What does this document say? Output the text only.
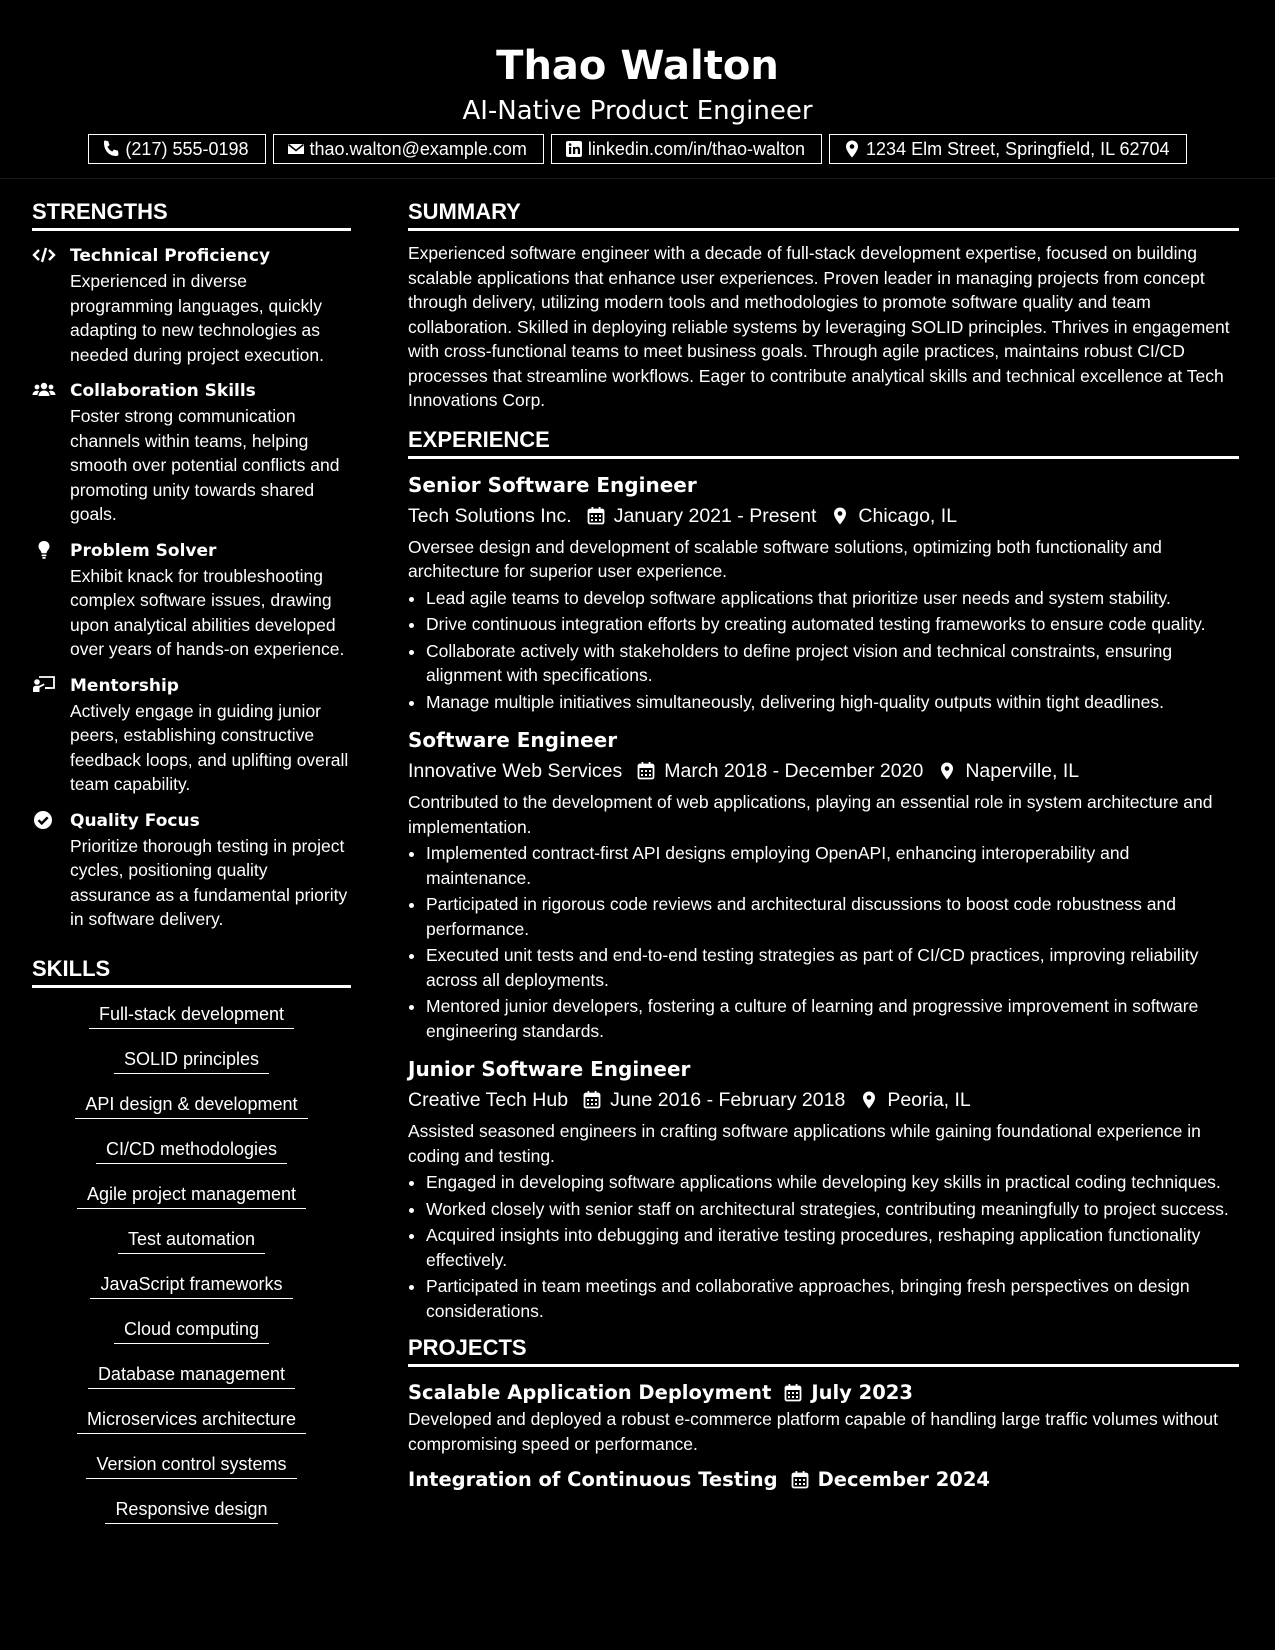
Thao Walton
AI-Native Product Engineer
(217) 555-0198	thao.walton@example.com	linkedin.com/in/thao-walton	1234 Elm Street, Springfield, IL 62704
STRENGTHS
Technical Proficiency
Experienced in diverse programming languages, quickly adapting to new technologies as needed during project execution.
Collaboration Skills
Foster strong communication channels within teams, helping smooth over potential conflicts and promoting unity towards shared goals.
Problem Solver
Exhibit knack for troubleshooting complex software issues, drawing upon analytical abilities developed over years of hands-on experience.
Mentorship
Actively engage in guiding junior peers, establishing constructive feedback loops, and uplifting overall team capability.
Quality Focus
Prioritize thorough testing in project cycles, positioning quality assurance as a fundamental priority in software delivery.
SKILLS
Full-stack development
SOLID principles
API design & development
CI/CD methodologies
Agile project management
Test automation
JavaScript frameworks
Cloud computing
Database management
Microservices architecture
Version control systems
Responsive design
SUMMARY
Experienced software engineer with a decade of full-stack development expertise, focused on building scalable applications that enhance user experiences. Proven leader in managing projects from concept through delivery, utilizing modern tools and methodologies to promote software quality and team collaboration. Skilled in deploying reliable systems by leveraging SOLID principles. Thrives in engagement with cross-functional teams to meet business goals. Through agile practices, maintains robust CI/CD processes that streamline workflows. Eager to contribute analytical skills and technical excellence at Tech Innovations Corp.
EXPERIENCE
Senior Software Engineer
Tech Solutions Inc. January 2021 - Present Chicago, IL
Oversee design and development of scalable software solutions, optimizing both functionality and architecture for superior user experience.
• Lead agile teams to develop software applications that prioritize user needs and system stability.
• Drive continuous integration efforts by creating automated testing frameworks to ensure code quality.
• Collaborate actively with stakeholders to define project vision and technical constraints, ensuring alignment with specifications.
• Manage multiple initiatives simultaneously, delivering high-quality outputs within tight deadlines.
Software Engineer
Innovative Web Services March 2018 - December 2020 Naperville, IL
Contributed to the development of web applications, playing an essential role in system architecture and implementation.
• Implemented contract-first API designs employing OpenAPI, enhancing interoperability and maintenance.
• Participated in rigorous code reviews and architectural discussions to boost code robustness and performance.
• Executed unit tests and end-to-end testing strategies as part of CI/CD practices, improving reliability across all deployments.
• Mentored junior developers, fostering a culture of learning and progressive improvement in software engineering standards.
Junior Software Engineer
Creative Tech Hub June 2016 - February 2018 Peoria, IL
Assisted seasoned engineers in crafting software applications while gaining foundational experience in coding and testing.
• Engaged in developing software applications while developing key skills in practical coding techniques.
• Worked closely with senior staff on architectural strategies, contributing meaningfully to project success.
• Acquired insights into debugging and iterative testing procedures, reshaping application functionality effectively.
• Participated in team meetings and collaborative approaches, bringing fresh perspectives on design considerations.
PROJECTS
Scalable Application Deployment July 2023
Developed and deployed a robust e-commerce platform capable of handling large traffic volumes without compromising speed or performance.
Integration of Continuous Testing December 2024
